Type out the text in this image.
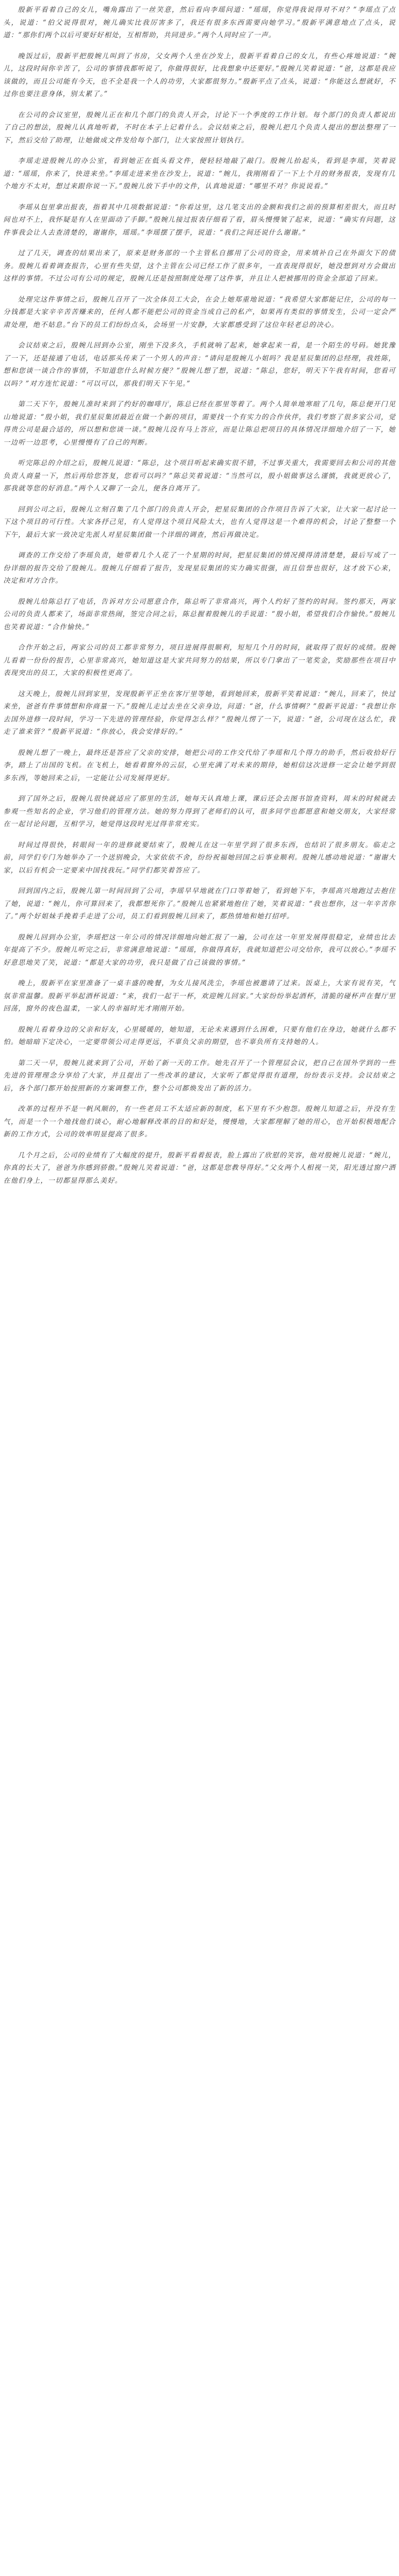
殷新平看着自己的女儿，嘴角露出了一丝笑意，然后看向李瑶问道：“瑶瑶，你觉得我说得对不对？”李瑶点了点头，说道：“伯父说得很对，婉儿确实比我厉害多了，我还有很多东西需要向她学习。”殷新平满意地点了点头，说道：“那你们两个以后可要好好相处，互相帮助，共同进步。”两个人同时应了一声。

晚饭过后，殷新平把殷婉儿叫到了书房，父女两个人坐在沙发上，殷新平看着自己的女儿，有些心疼地说道：“婉儿，这段时间你辛苦了，公司的事情我都听说了，你做得很好，比我想象中还要好。”殷婉儿笑着说道：“爸，这都是我应该做的，而且公司能有今天，也不全是我一个人的功劳，大家都很努力。”殷新平点了点头，说道：“你能这么想就好，不过你也要注意身体，别太累了。”

在公司的会议室里，殷婉儿正在和几个部门的负责人开会，讨论下一个季度的工作计划。每个部门的负责人都说出了自己的想法，殷婉儿认真地听着，不时在本子上记着什么。会议结束之后，殷婉儿把几个负责人提出的想法整理了一下，然后交给了助理，让她做成文件发给每个部门，让大家按照计划执行。

李瑶走进殷婉儿的办公室，看到她正在低头看文件，便轻轻地敲了敲门。殷婉儿抬起头，看到是李瑶，笑着说道：“瑶瑶，你来了，快进来坐。”李瑶走进来坐在沙发上，说道：“婉儿，我刚刚看了一下上个月的财务报表，发现有几个地方不太对，想过来跟你说一下。”殷婉儿放下手中的文件，认真地说道：“哪里不对？你说说看。”

李瑶从包里拿出报表，指着其中几项数据说道：“你看这里，这几笔支出的金额和我们之前的预算相差很大，而且时间也对不上，我怀疑是有人在里面动了手脚。”殷婉儿接过报表仔细看了看，眉头慢慢皱了起来，说道：“确实有问题，这件事我会让人去查清楚的，谢谢你，瑶瑶。”李瑶摆了摆手，说道：“我们之间还说什么谢谢。”

过了几天，调查的结果出来了，原来是财务部的一个主管私自挪用了公司的资金，用来填补自己在外面欠下的债务。殷婉儿看着调查报告，心里有些失望，这个主管在公司已经工作了很多年，一直表现得很好，她没想到对方会做出这样的事情。不过公司有公司的规定，殷婉儿还是按照制度处理了这件事，并且让人把被挪用的资金全部追了回来。

处理完这件事情之后，殷婉儿召开了一次全体员工大会，在会上她郑重地说道：“我希望大家都能记住，公司的每一分钱都是大家辛辛苦苦赚来的，任何人都不能把公司的资金当成自己的私产，如果再有类似的事情发生，公司一定会严肃处理，绝不姑息。”台下的员工们纷纷点头，会场里一片安静，大家都感受到了这位年轻老总的决心。

会议结束之后，殷婉儿回到办公室，刚坐下没多久，手机就响了起来，她拿起来一看，是一个陌生的号码。她犹豫了一下，还是接通了电话，电话那头传来了一个男人的声音：“请问是殷婉儿小姐吗？我是星辰集团的总经理，我姓陈，想和您谈一谈合作的事情，不知道您什么时候方便？”殷婉儿想了想，说道：“陈总，您好，明天下午我有时间，您看可以吗？”对方连忙说道：“可以可以，那我们明天下午见。”

第二天下午，殷婉儿准时来到了约好的咖啡厅，陈总已经在那里等着了。两个人简单地寒暄了几句，陈总便开门见山地说道：“殷小姐，我们星辰集团最近在做一个新的项目，需要找一个有实力的合作伙伴，我们考察了很多家公司，觉得贵公司是最合适的，所以想和您谈一谈。”殷婉儿没有马上答应，而是让陈总把项目的具体情况详细地介绍了一下，她一边听一边思考，心里慢慢有了自己的判断。

听完陈总的介绍之后，殷婉儿说道：“陈总，这个项目听起来确实很不错，不过事关重大，我需要回去和公司的其他负责人商量一下，然后再给您答复，您看可以吗？”陈总笑着说道：“当然可以，殷小姐做事这么谨慎，我就更放心了，那我就等您的好消息。”两个人又聊了一会儿，便各自离开了。

回到公司之后，殷婉儿立刻召集了几个部门的负责人开会，把星辰集团的合作项目告诉了大家，让大家一起讨论一下这个项目的可行性。大家各抒己见，有人觉得这个项目风险太大，也有人觉得这是一个难得的机会，讨论了整整一个下午，最后大家一致决定先派人对星辰集团做一个详细的调查，然后再做决定。

调查的工作交给了李瑶负责，她带着几个人花了一个星期的时间，把星辰集团的情况摸得清清楚楚，最后写成了一份详细的报告交给了殷婉儿。殷婉儿仔细看了报告，发现星辰集团的实力确实很强，而且信誉也很好，这才放下心来，决定和对方合作。

殷婉儿给陈总打了电话，告诉对方公司愿意合作，陈总听了非常高兴，两个人约好了签约的时间。签约那天，两家公司的负责人都来了，场面非常热闹，签完合同之后，陈总握着殷婉儿的手说道：“殷小姐，希望我们合作愉快。”殷婉儿也笑着说道：“合作愉快。”

合作开始之后，两家公司的员工都非常努力，项目进展得很顺利，短短几个月的时间，就取得了很好的成绩。殷婉儿看着一份份的报告，心里非常高兴，她知道这是大家共同努力的结果，所以专门拿出了一笔奖金，奖励那些在项目中表现突出的员工，大家的积极性更高了。

这天晚上，殷婉儿回到家里，发现殷新平正坐在客厅里等她，看到她回来，殷新平笑着说道：“婉儿，回来了，快过来坐，爸爸有件事情想和你商量一下。”殷婉儿走过去坐在父亲身边，问道：“爸，什么事情啊？”殷新平说道：“我想让你去国外进修一段时间，学习一下先进的管理经验，你觉得怎么样？”殷婉儿愣了一下，说道：“爸，公司现在这么忙，我走了谁来管？”殷新平说道：“你放心，我会安排好的。”

殷婉儿想了一晚上，最终还是答应了父亲的安排，她把公司的工作交代给了李瑶和几个得力的助手，然后收拾好行李，踏上了出国的飞机。在飞机上，她看着窗外的云层，心里充满了对未来的期待，她相信这次进修一定会让她学到很多东西，等她回来之后，一定能让公司发展得更好。

到了国外之后，殷婉儿很快就适应了那里的生活，她每天认真地上课，课后还会去图书馆查资料，周末的时候就去参观一些知名的企业，学习他们的管理方法。她的努力得到了老师们的认可，很多同学也都愿意和她交朋友，大家经常在一起讨论问题，互相学习，她觉得这段时光过得非常充实。

时间过得很快，转眼间一年的进修就要结束了，殷婉儿在这一年里学到了很多东西，也结识了很多朋友。临走之前，同学们专门为她举办了一个送别晚会，大家依依不舍，纷纷祝福她回国之后事业顺利。殷婉儿感动地说道：“谢谢大家，以后有机会一定要来中国找我玩。”同学们都笑着答应了。

回到国内之后，殷婉儿第一时间回到了公司，李瑶早早地就在门口等着她了，看到她下车，李瑶高兴地跑过去抱住了她，说道：“婉儿，你可算回来了，我都想死你了。”殷婉儿也紧紧地抱住了她，笑着说道：“我也想你，这一年辛苦你了。”两个好姐妹手挽着手走进了公司，员工们看到殷婉儿回来了，都热情地和她打招呼。

殷婉儿回到办公室，李瑶把这一年公司的情况详细地向她汇报了一遍，公司在这一年里发展得很稳定，业绩也比去年提高了不少。殷婉儿听完之后，非常满意地说道：“瑶瑶，你做得真好，我就知道把公司交给你，我可以放心。”李瑶不好意思地笑了笑，说道：“都是大家的功劳，我只是做了自己该做的事情。”

晚上，殷新平在家里准备了一桌丰盛的晚餐，为女儿接风洗尘，李瑶也被邀请了过来。饭桌上，大家有说有笑，气氛非常温馨。殷新平举起酒杯说道：“来，我们一起干一杯，欢迎婉儿回家。”大家纷纷举起酒杯，清脆的碰杯声在餐厅里回荡，窗外的夜色温柔，一家人的幸福时光才刚刚开始。

殷婉儿看着身边的父亲和好友，心里暖暖的，她知道，无论未来遇到什么困难，只要有他们在身边，她就什么都不怕。她暗暗下定决心，一定要带领公司走得更远，不辜负父亲的期望，也不辜负所有支持她的人。

第二天一早，殷婉儿就来到了公司，开始了新一天的工作。她先召开了一个管理层会议，把自己在国外学到的一些先进的管理理念分享给了大家，并且提出了一些改革的建议，大家听了都觉得很有道理，纷纷表示支持。会议结束之后，各个部门都开始按照新的方案调整工作，整个公司都焕发出了新的活力。

改革的过程并不是一帆风顺的，有一些老员工不太适应新的制度，私下里有不少抱怨。殷婉儿知道之后，并没有生气，而是一个一个地找他们谈心，耐心地解释改革的目的和好处，慢慢地，大家都理解了她的用心，也开始积极地配合新的工作方式，公司的效率明显提高了很多。

几个月之后，公司的业绩有了大幅度的提升，殷新平看着报表，脸上露出了欣慰的笑容，他对殷婉儿说道：“婉儿，你真的长大了，爸爸为你感到骄傲。”殷婉儿笑着说道：“爸，这都是您教导得好。”父女两个人相视一笑，阳光透过窗户洒在他们身上，一切都显得那么美好。
